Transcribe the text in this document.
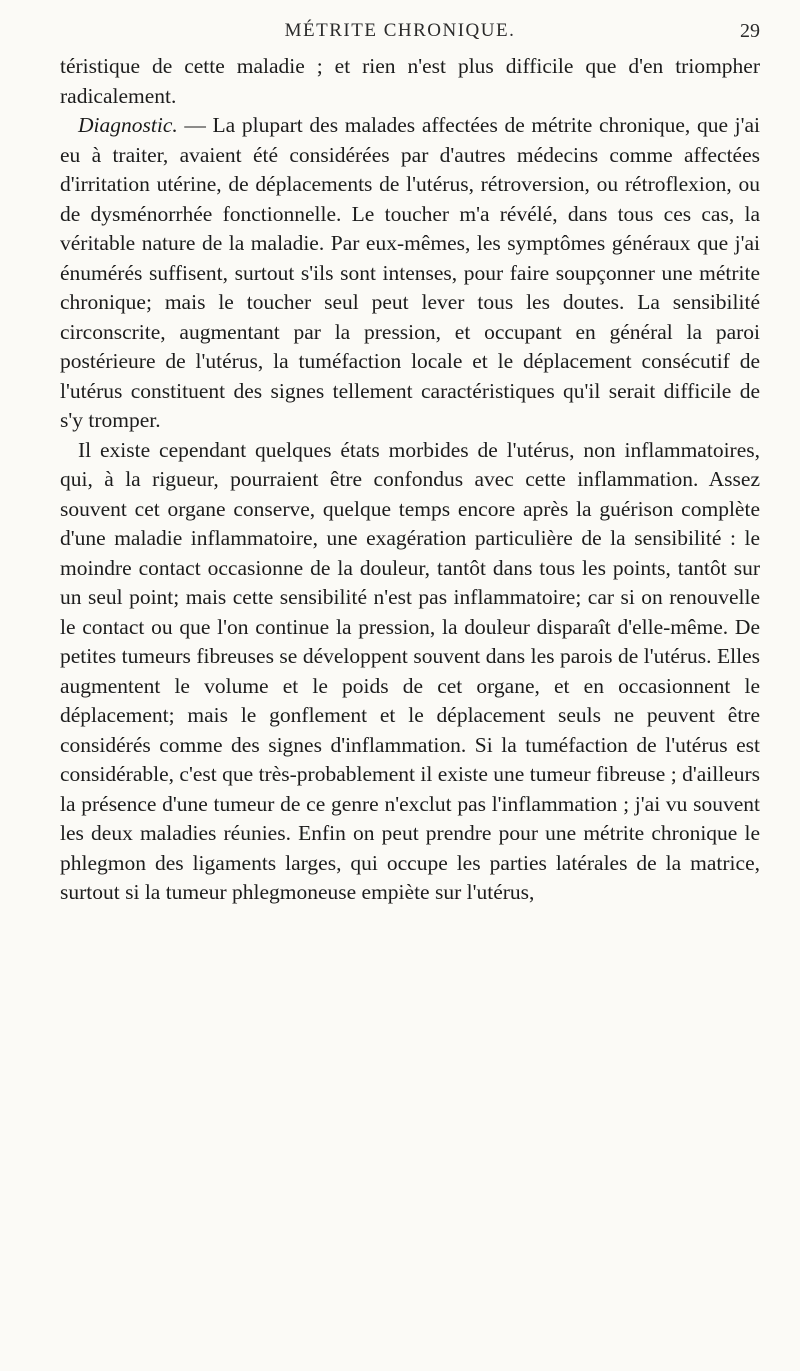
MÉTRITE CHRONIQUE.	29

téristique de cette maladie ; et rien n'est plus difficile que d'en triompher radicalement.

Diagnostic. — La plupart des malades affectées de métrite chronique, que j'ai eu à traiter, avaient été considérées par d'autres médecins comme affectées d'irritation utérine, de déplacements de l'utérus, rétroversion, ou rétroflexion, ou de dysménorrhée fonctionnelle. Le toucher m'a révélé, dans tous ces cas, la véritable nature de la maladie. Par eux-mêmes, les symptômes généraux que j'ai énumérés suffisent, surtout s'ils sont intenses, pour faire soupçonner une métrite chronique; mais le toucher seul peut lever tous les doutes. La sensibilité circonscrite, augmentant par la pression, et occupant en général la paroi postérieure de l'utérus, la tuméfaction locale et le déplacement consécutif de l'utérus constituent des signes tellement caractéristiques qu'il serait difficile de s'y tromper.

Il existe cependant quelques états morbides de l'utérus, non inflammatoires, qui, à la rigueur, pourraient être confondus avec cette inflammation. Assez souvent cet organe conserve, quelque temps encore après la guérison complète d'une maladie inflammatoire, une exagération particulière de la sensibilité : le moindre contact occasionne de la douleur, tantôt dans tous les points, tantôt sur un seul point; mais cette sensibilité n'est pas inflammatoire; car si on renouvelle le contact ou que l'on continue la pression, la douleur disparaît d'elle-même. De petites tumeurs fibreuses se développent souvent dans les parois de l'utérus. Elles augmentent le volume et le poids de cet organe, et en occasionnent le déplacement; mais le gonflement et le déplacement seuls ne peuvent être considérés comme des signes d'inflammation. Si la tuméfaction de l'utérus est considérable, c'est que très-probablement il existe une tumeur fibreuse ; d'ailleurs la présence d'une tumeur de ce genre n'exclut pas l'inflammation ; j'ai vu souvent les deux maladies réunies. Enfin on peut prendre pour une métrite chronique le phlegmon des ligaments larges, qui occupe les parties latérales de la matrice, surtout si la tumeur phlegmoneuse empiète sur l'utérus,
